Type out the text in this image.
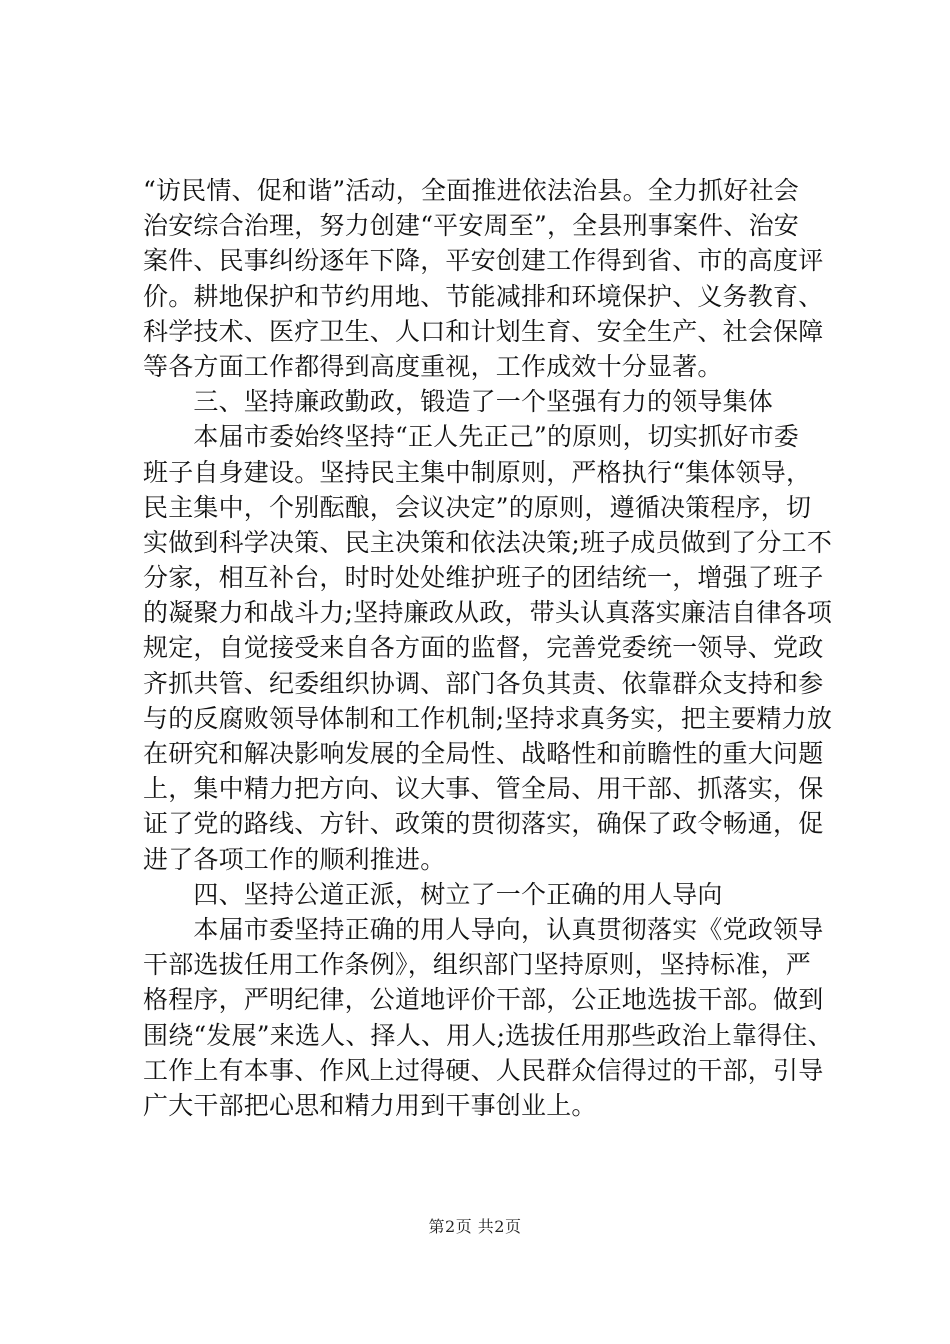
“访民情、促和谐”活动，全面推进依法治县。全力抓好社会
治安综合治理，努力创建“平安周至”，全县刑事案件、治安
案件、民事纠纷逐年下降，平安创建工作得到省、市的高度评
价。耕地保护和节约用地、节能减排和环境保护、义务教育、
科学技术、医疗卫生、人口和计划生育、安全生产、社会保障
等各方面工作都得到高度重视，工作成效十分显著。
　　三、坚持廉政勤政，锻造了一个坚强有力的领导集体
　　本届市委始终坚持“正人先正己”的原则，切实抓好市委
班子自身建设。坚持民主集中制原则，严格执行“集体领导，
民主集中，个别酝酿，会议决定”的原则，遵循决策程序，切
实做到科学决策、民主决策和依法决策;班子成员做到了分工不
分家，相互补台，时时处处维护班子的团结统一，增强了班子
的凝聚力和战斗力;坚持廉政从政，带头认真落实廉洁自律各项
规定，自觉接受来自各方面的监督，完善党委统一领导、党政
齐抓共管、纪委组织协调、部门各负其责、依靠群众支持和参
与的反腐败领导体制和工作机制;坚持求真务实，把主要精力放
在研究和解决影响发展的全局性、战略性和前瞻性的重大问题
上，集中精力把方向、议大事、管全局、用干部、抓落实，保
证了党的路线、方针、政策的贯彻落实，确保了政令畅通，促
进了各项工作的顺利推进。
　　四、坚持公道正派，树立了一个正确的用人导向
　　本届市委坚持正确的用人导向，认真贯彻落实《党政领导
干部选拔任用工作条例》，组织部门坚持原则，坚持标准，严
格程序，严明纪律，公道地评价干部，公正地选拔干部。做到
围绕“发展”来选人、择人、用人;选拔任用那些政治上靠得住、
工作上有本事、作风上过得硬、人民群众信得过的干部，引导
广大干部把心思和精力用到干事创业上。
第2页 共2页
